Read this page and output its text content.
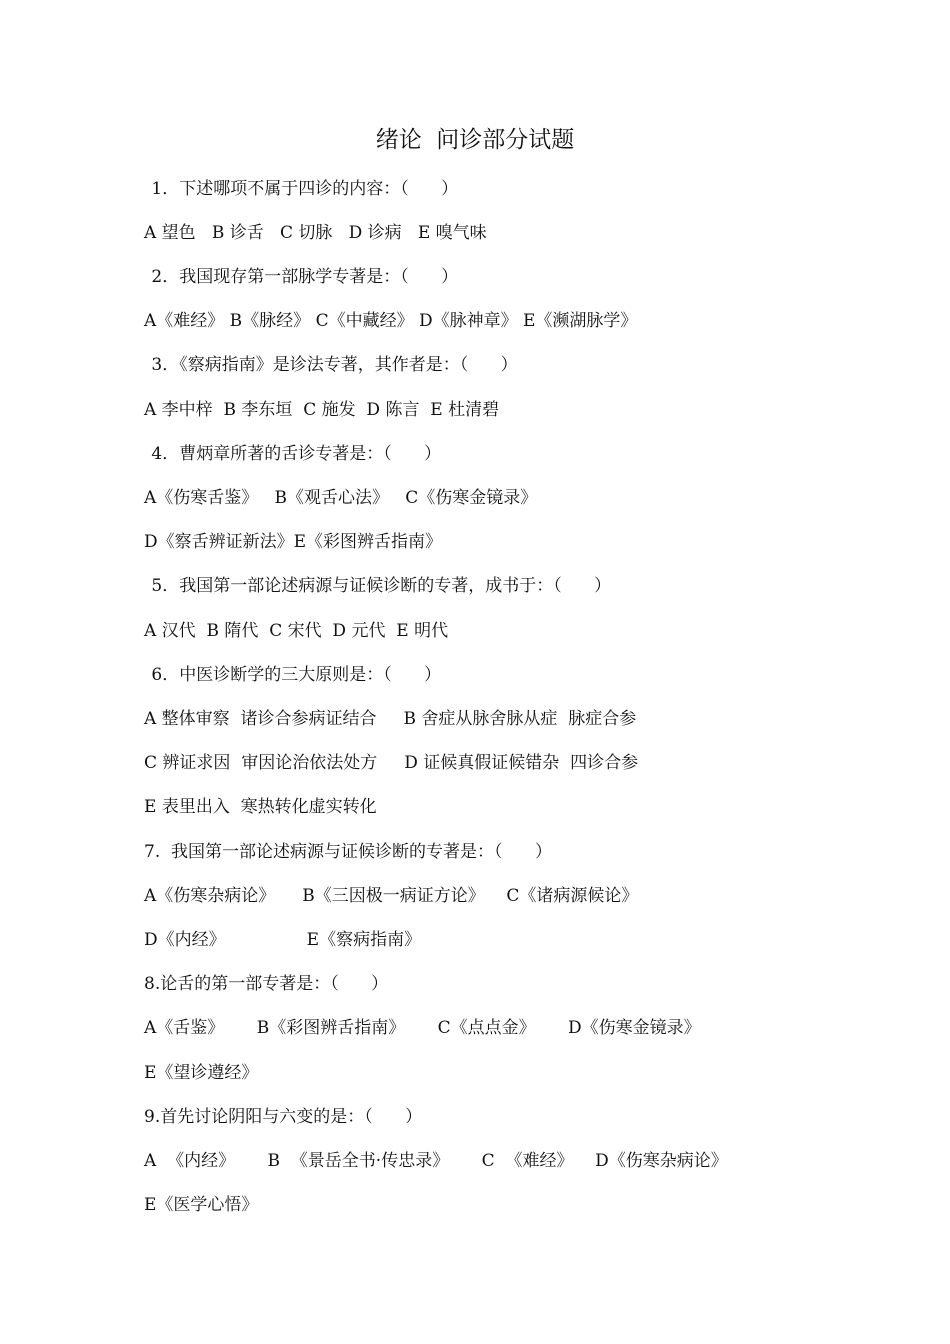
绪论  问诊部分试题
1．下述哪项不属于四诊的内容：（      ）
A 望色   B 诊舌   C 切脉   D 诊病   E 嗅气味
2．我国现存第一部脉学专著是：（      ）
A《难经》 B《脉经》 C《中藏经》 D《脉神章》 E《濒湖脉学》
3．《察病指南》是诊法专著，其作者是：（      ）
A 李中梓  B 李东垣  C 施发  D 陈言  E 杜清碧
4．曹炳章所著的舌诊专著是：（      ）
A《伤寒舌鉴》   B《观舌心法》   C《伤寒金镜录》
D《察舌辨证新法》E《彩图辨舌指南》
5．我国第一部论述病源与证候诊断的专著，成书于：（      ）
A 汉代  B 隋代  C 宋代  D 元代  E 明代
6．中医诊断学的三大原则是：（      ）
A 整体审察  诸诊合参病证结合     B 舍症从脉舍脉从症  脉症合参
C 辨证求因  审因论治依法处方     D 证候真假证候错杂  四诊合参
E 表里出入  寒热转化虚实转化
7.  我国第一部论述病源与证候诊断的专著是：（      ）
A《伤寒杂病论》     B《三因极一病证方论》    C《诸病源候论》
D《内经》               E《察病指南》
8.论舌的第一部专著是：（      ）
A《舌鉴》      B《彩图辨舌指南》      C《点点金》      D《伤寒金镜录》
E《望诊遵经》
9.首先讨论阴阳与六变的是：（      ）
A  《内经》      B  《景岳全书·传忠录》      C  《难经》    D《伤寒杂病论》
E《医学心悟》
